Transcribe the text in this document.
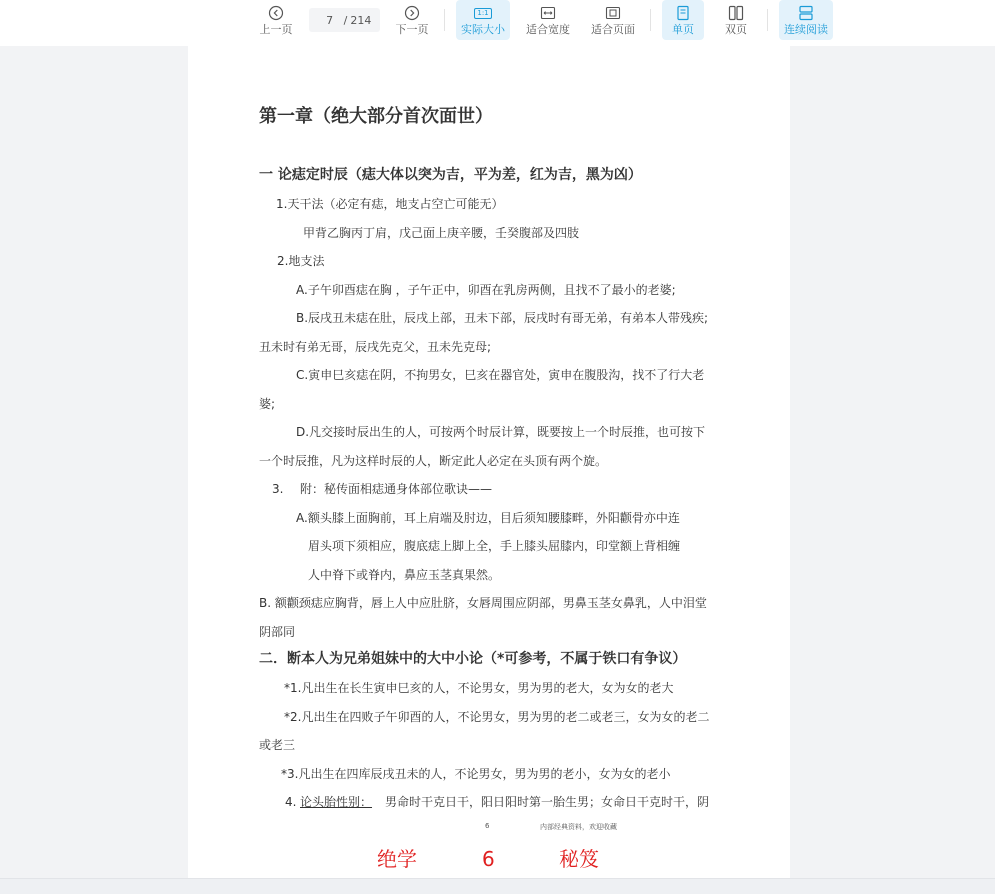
上一页
7 / 214
下一页
1:1
实际大小 适合宽度 适合页面	单页	双页	连续阅读
第一章（绝大部分首次面世）
一 论痣定时辰（痣大体以突为吉，平为差，红为吉，黑为凶）
1.天干法（必定有痣，地支占空亡可能无）
甲背乙胸丙丁肩，戊己面上庚辛腰，壬癸腹部及四肢
2.地支法
A.子午卯酉痣在胸 ，子午正中，卯酉在乳房两侧，且找不了最小的老婆;
B.辰戌丑未痣在肚，辰戌上部，丑未下部，辰戌时有哥无弟，有弟本人带残疾;
丑未时有弟无哥，辰戌先克父，丑未先克母;
C.寅申巳亥痣在阴，不拘男女，巳亥在器官处，寅申在腹股沟，找不了行大老
婆;
D.凡交接时辰出生的人，可按两个时辰计算，既要按上一个时辰推，也可按下
一个时辰推，凡为这样时辰的人，断定此人必定在头顶有两个旋。
3. 附：秘传面相痣通身体部位歌诀——
A.额头膝上面胸前，耳上肩端及肘边，目后须知腰膝畔，外阳颧骨亦中连
眉头项下须相应，腹底痣上脚上全，手上膝头屈膝内，印堂额上背相缠
人中脊下或脊内，鼻应玉茎真果然。
B. 额颧颈痣应胸背，唇上人中应肚脐，女唇周围应阴部，男鼻玉茎女鼻乳，人中泪堂
阴部同
二．断本人为兄弟姐妹中的大中小论（*可参考，不属于铁口有争议）
*1.凡出生在长生寅申巳亥的人，不论男女，男为男的老大，女为女的老大
*2.凡出生在四败子午卯酉的人，不论男女，男为男的老二或老三，女为女的老二
或老三
*3.凡出生在四库辰戌丑未的人，不论男女，男为男的老小，女为女的老小
4. 论头胎性别： 男命时干克日干，阳日阳时第一胎生男；女命日干克时干，阴
6	内部经典资料，欢迎收藏
绝学	6	秘笈
